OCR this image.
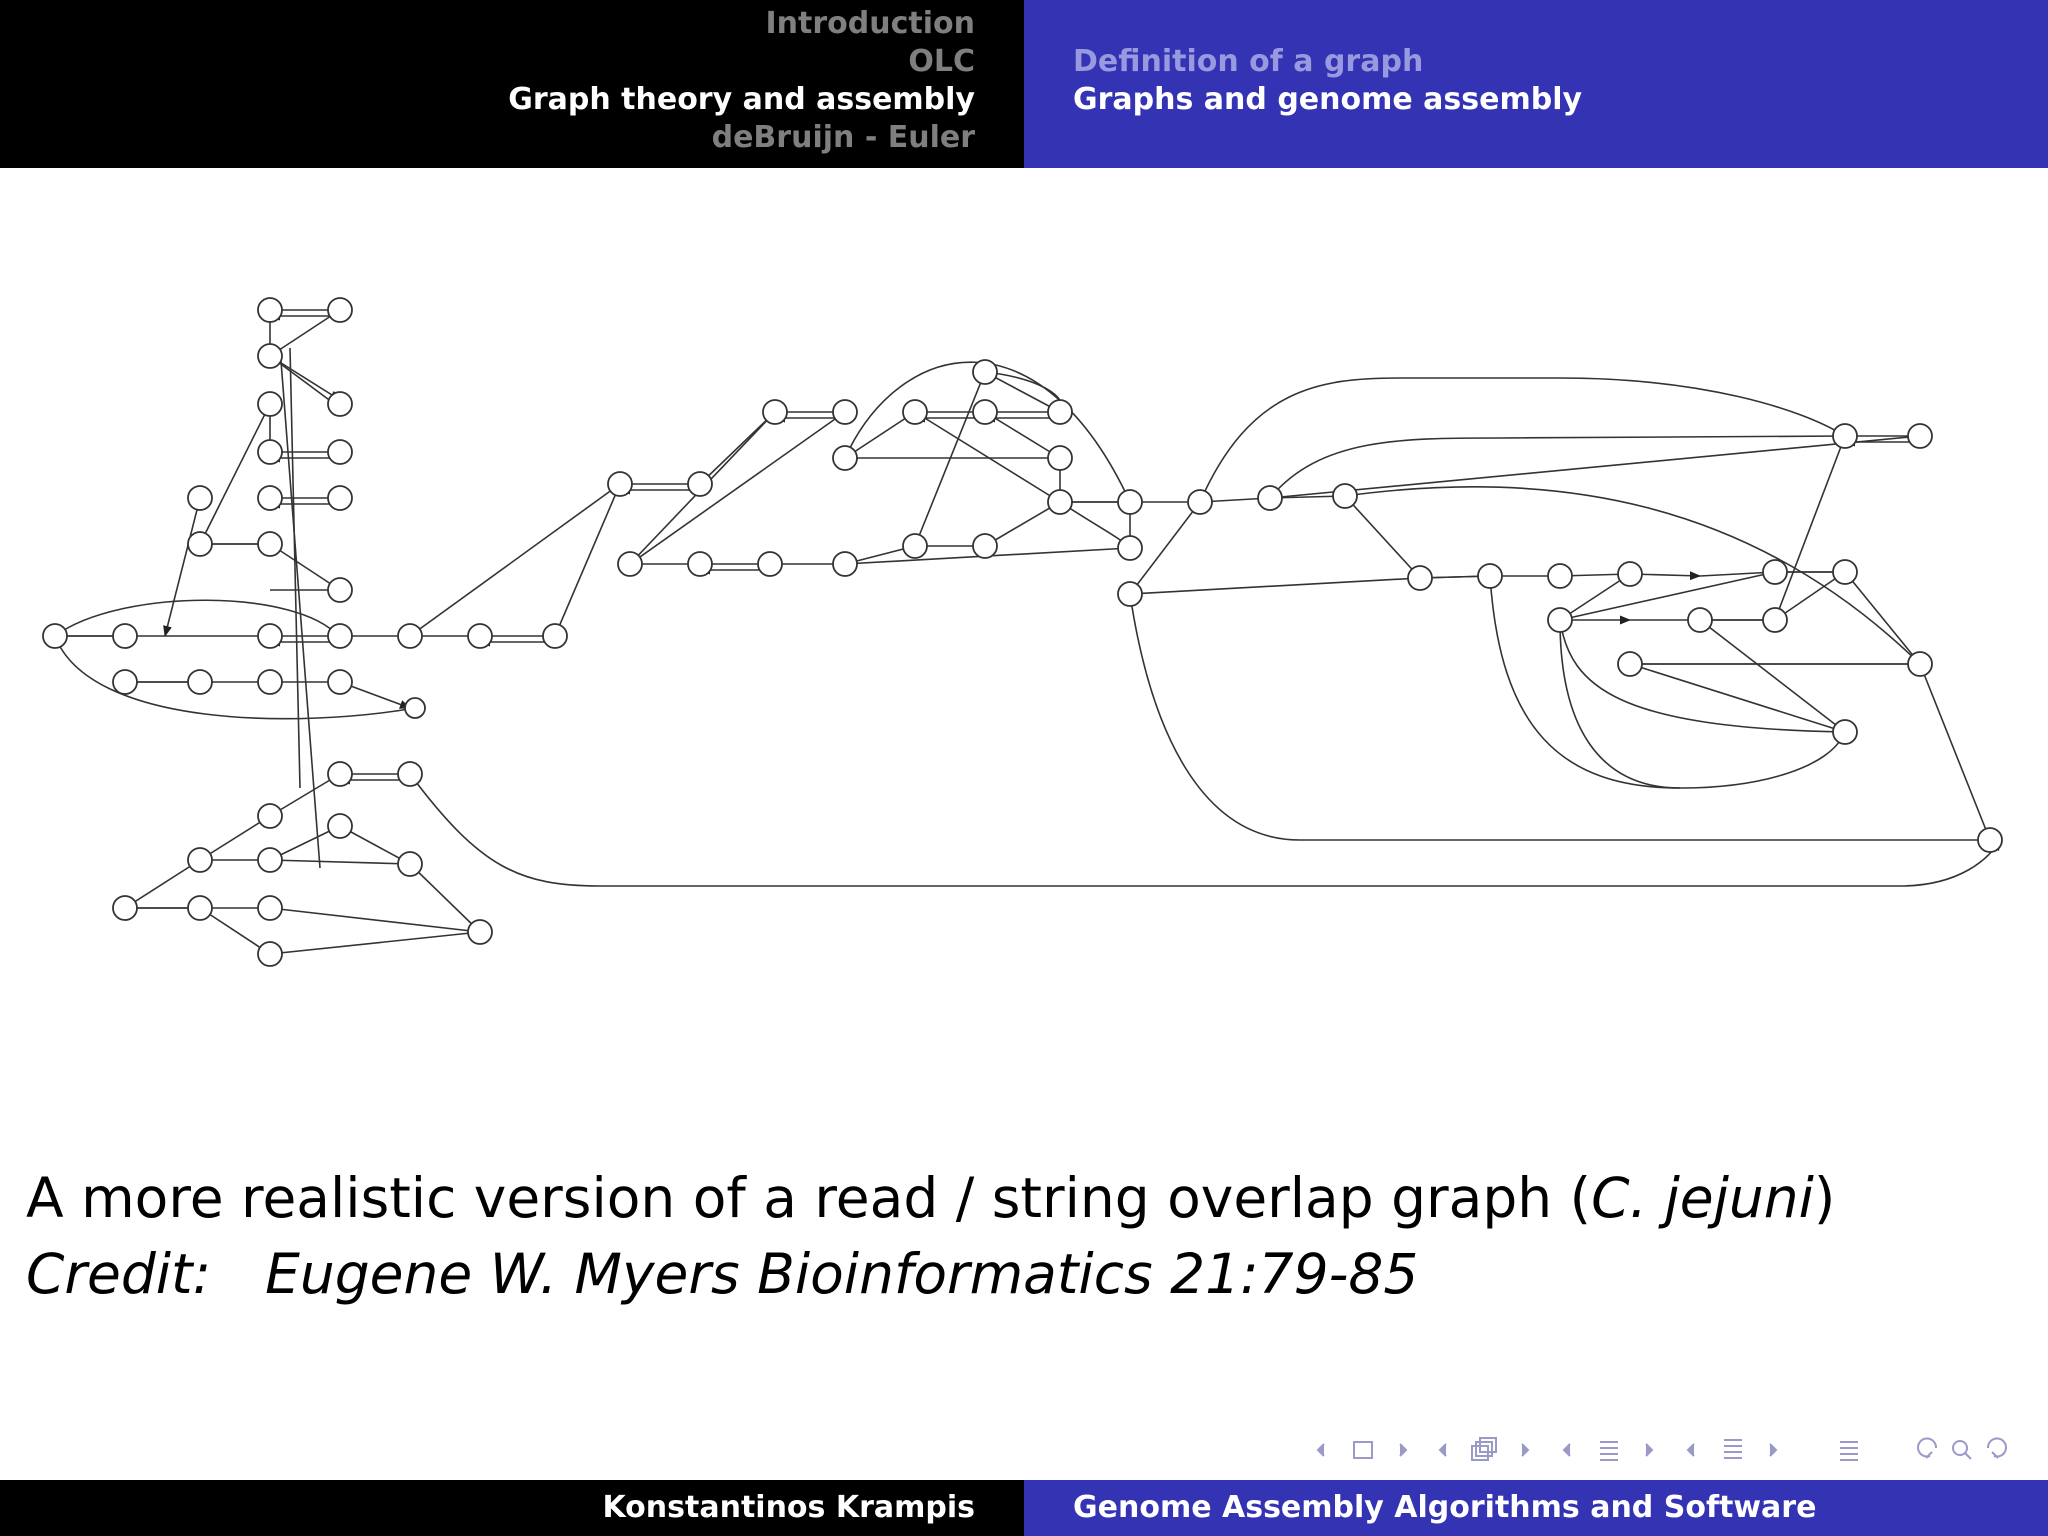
Introduction
OLC
Graph theory and assembly
deBruijn - Euler
Definition of a graph
Graphs and genome assembly
A more realistic version of a read / string overlap graph (C. jejuni)
Credit: Eugene W. Myers Bioinformatics 21:79-85
Konstantinos Krampis	Genome Assembly Algorithms and Software
